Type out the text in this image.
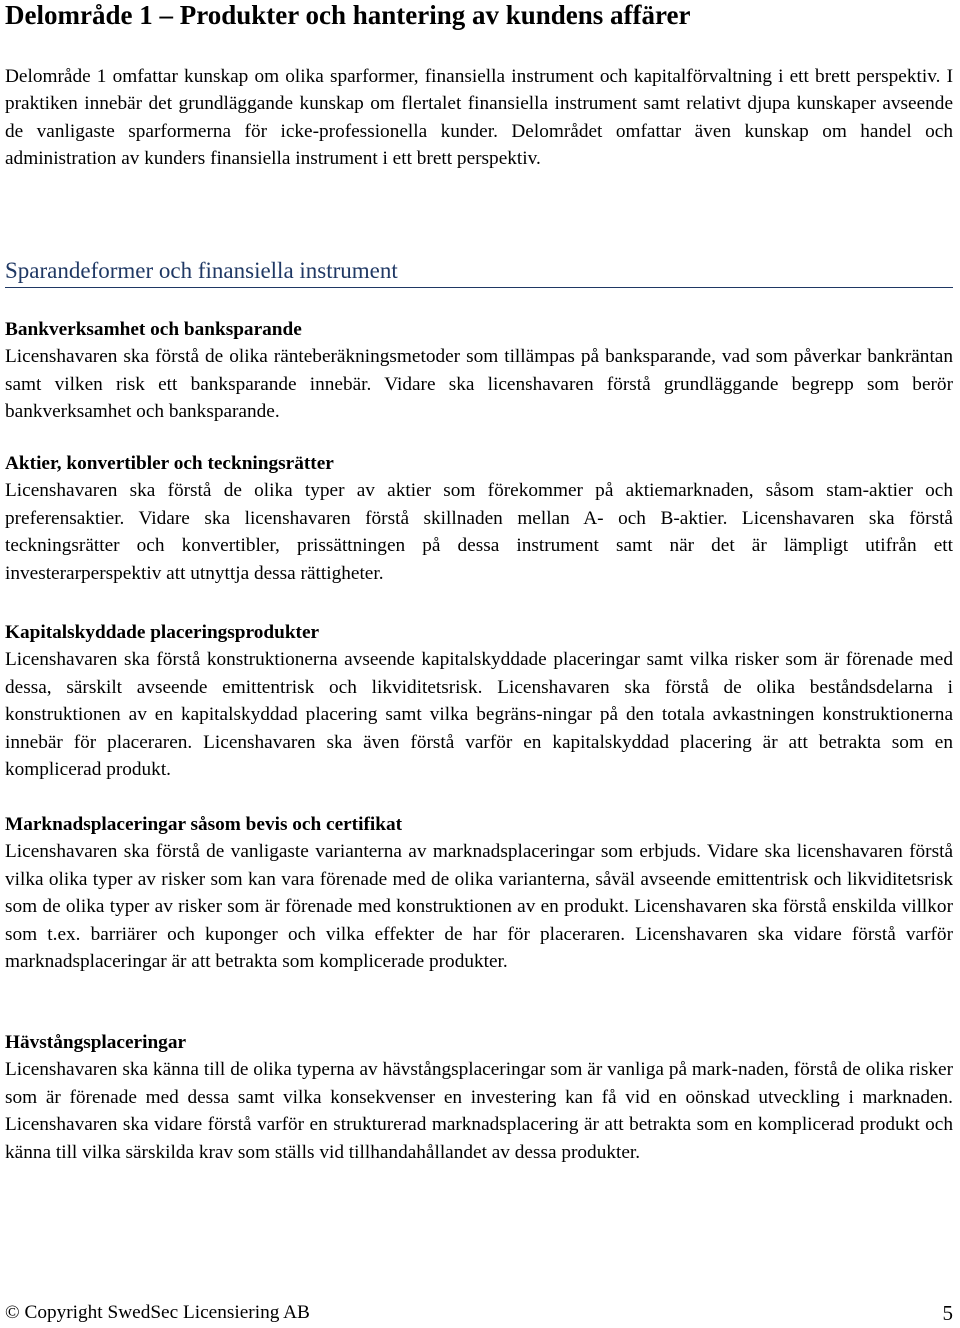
Delområde 1 – Produkter och hantering av kundens affärer

Delområde 1 omfattar kunskap om olika sparformer, finansiella instrument och kapitalförvaltning i ett brett perspektiv. I praktiken innebär det grundläggande kunskap om flertalet finansiella instrument samt relativt djupa kunskaper avseende de vanligaste sparformerna för icke-professionella kunder. Delområdet omfattar även kunskap om handel och administration av kunders finansiella instrument i ett brett perspektiv.

Sparandeformer och finansiella instrument
Bankverksamhet och banksparande

Licenshavaren ska förstå de olika ränteberäkningsmetoder som tillämpas på banksparande, vad som påverkar bankräntan samt vilken risk ett banksparande innebär. Vidare ska licenshavaren förstå grundläggande begrepp som berör bankverksamhet och banksparande.

Aktier, konvertibler och teckningsrätter

Licenshavaren ska förstå de olika typer av aktier som förekommer på aktiemarknaden, såsom stam-aktier och preferensaktier. Vidare ska licenshavaren förstå skillnaden mellan A- och B-aktier. Licenshavaren ska förstå teckningsrätter och konvertibler, prissättningen på dessa instrument samt när det är lämpligt utifrån ett investerarperspektiv att utnyttja dessa rättigheter.

Kapitalskyddade placeringsprodukter

Licenshavaren ska förstå konstruktionerna avseende kapitalskyddade placeringar samt vilka risker som är förenade med dessa, särskilt avseende emittentrisk och likviditetsrisk. Licenshavaren ska förstå de olika beståndsdelarna i konstruktionen av en kapitalskyddad placering samt vilka begräns-ningar på den totala avkastningen konstruktionerna innebär för placeraren. Licenshavaren ska även förstå varför en kapitalskyddad placering är att betrakta som en komplicerad produkt.

Marknadsplaceringar såsom bevis och certifikat

Licenshavaren ska förstå de vanligaste varianterna av marknadsplaceringar som erbjuds. Vidare ska licenshavaren förstå vilka olika typer av risker som kan vara förenade med de olika varianterna, såväl avseende emittentrisk och likviditetsrisk som de olika typer av risker som är förenade med konstruktionen av en produkt. Licenshavaren ska förstå enskilda villkor som t.ex. barriärer och kuponger och vilka effekter de har för placeraren. Licenshavaren ska vidare förstå varför marknadsplaceringar är att betrakta som komplicerade produkter.

Hävstångsplaceringar

Licenshavaren ska känna till de olika typerna av hävstångsplaceringar som är vanliga på mark-naden, förstå de olika risker som är förenade med dessa samt vilka konsekvenser en investering kan få vid en oönskad utveckling i marknaden. Licenshavaren ska vidare förstå varför en strukturerad marknadsplacering är att betrakta som en komplicerad produkt och känna till vilka särskilda krav som ställs vid tillhandahållandet av dessa produkter.

© Copyright SwedSec Licensiering AB	5
